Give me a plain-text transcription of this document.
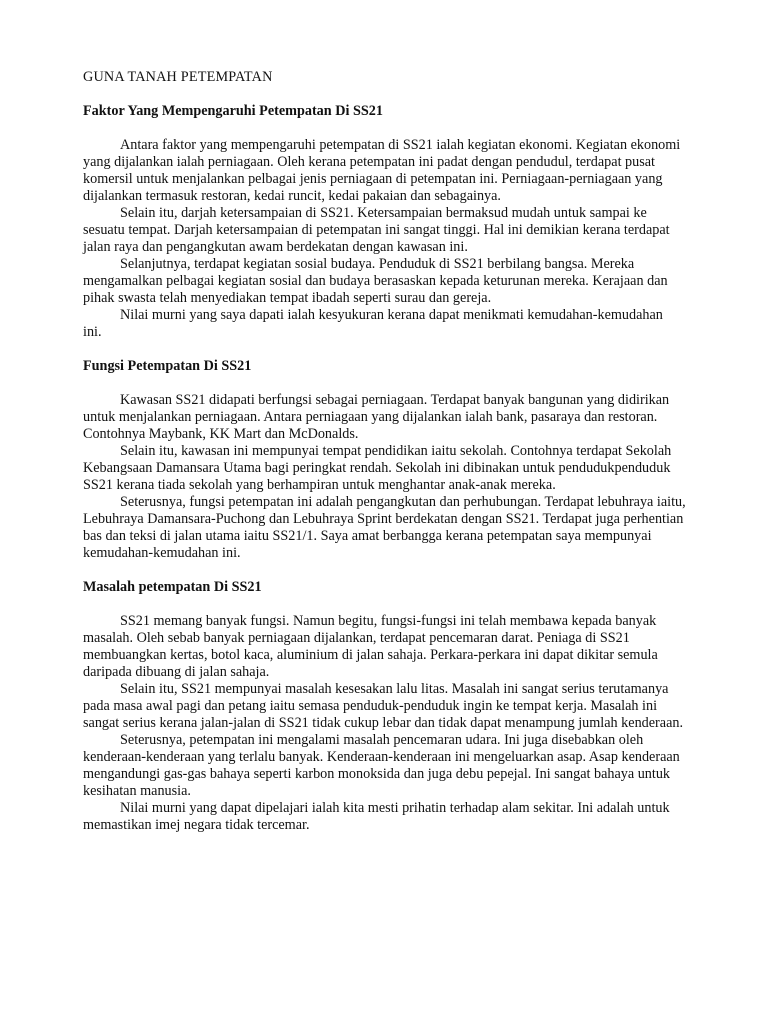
GUNA TANAH PETEMPATAN
Faktor Yang Mempengaruhi Petempatan Di SS21

Antara faktor yang mempengaruhi petempatan di SS21 ialah kegiatan ekonomi. Kegiatan ekonomi yang dijalankan ialah perniagaan. Oleh kerana petempatan ini padat dengan pendudul, terdapat pusat komersil untuk menjalankan pelbagai jenis perniagaan di petempatan ini. Perniagaan-perniagaan yang dijalankan termasuk restoran, kedai runcit, kedai pakaian dan sebagainya.

Selain itu, darjah ketersampaian di SS21. Ketersampaian bermaksud mudah untuk sampai ke sesuatu tempat. Darjah ketersampaian di petempatan ini sangat tinggi. Hal ini demikian kerana terdapat jalan raya dan pengangkutan awam berdekatan dengan kawasan ini.

Selanjutnya, terdapat kegiatan sosial budaya. Penduduk di SS21 berbilang bangsa. Mereka mengamalkan pelbagai kegiatan sosial dan budaya berasaskan kepada keturunan mereka. Kerajaan dan pihak swasta telah menyediakan tempat ibadah seperti surau dan gereja.

Nilai murni yang saya dapati ialah kesyukuran kerana dapat menikmati kemudahan-kemudahan

ini.

Fungsi Petempatan Di SS21

Kawasan SS21 didapati berfungsi sebagai perniagaan. Terdapat banyak bangunan yang didirikan untuk menjalankan perniagaan. Antara perniagaan yang dijalankan ialah bank, pasaraya dan restoran. Contohnya Maybank, KK Mart dan McDonalds.

Selain itu, kawasan ini mempunyai tempat pendidikan iaitu sekolah. Contohnya terdapat Sekolah Kebangsaan Damansara Utama bagi peringkat rendah. Sekolah ini dibinakan untuk pendudukpenduduk SS21 kerana tiada sekolah yang berhampiran untuk menghantar anak-anak mereka.

Seterusnya, fungsi petempatan ini adalah pengangkutan dan perhubungan. Terdapat lebuhraya iaitu, Lebuhraya Damansara-Puchong dan Lebuhraya Sprint berdekatan dengan SS21. Terdapat juga perhentian bas dan teksi di jalan utama iaitu SS21/1. Saya amat berbangga kerana petempatan saya mempunyai kemudahan-kemudahan ini.

Masalah petempatan Di SS21

SS21 memang banyak fungsi. Namun begitu, fungsi-fungsi ini telah membawa kepada banyak masalah. Oleh sebab banyak perniagaan dijalankan, terdapat pencemaran darat. Peniaga di SS21 membuangkan kertas, botol kaca, aluminium di jalan sahaja. Perkara-perkara ini dapat dikitar semula daripada dibuang di jalan sahaja.

Selain itu, SS21 mempunyai masalah kesesakan lalu litas. Masalah ini sangat serius terutamanya pada masa awal pagi dan petang iaitu semasa penduduk-penduduk ingin ke tempat kerja. Masalah ini sangat serius kerana jalan-jalan di SS21 tidak cukup lebar dan tidak dapat menampung jumlah kenderaan.

Seterusnya, petempatan ini mengalami masalah pencemaran udara. Ini juga disebabkan oleh kenderaan-kenderaan yang terlalu banyak. Kenderaan-kenderaan ini mengeluarkan asap. Asap kenderaan mengandungi gas-gas bahaya seperti karbon monoksida dan juga debu pepejal. Ini sangat bahaya untuk kesihatan manusia.

Nilai murni yang dapat dipelajari ialah kita mesti prihatin terhadap alam sekitar. Ini adalah untuk memastikan imej negara tidak tercemar.
